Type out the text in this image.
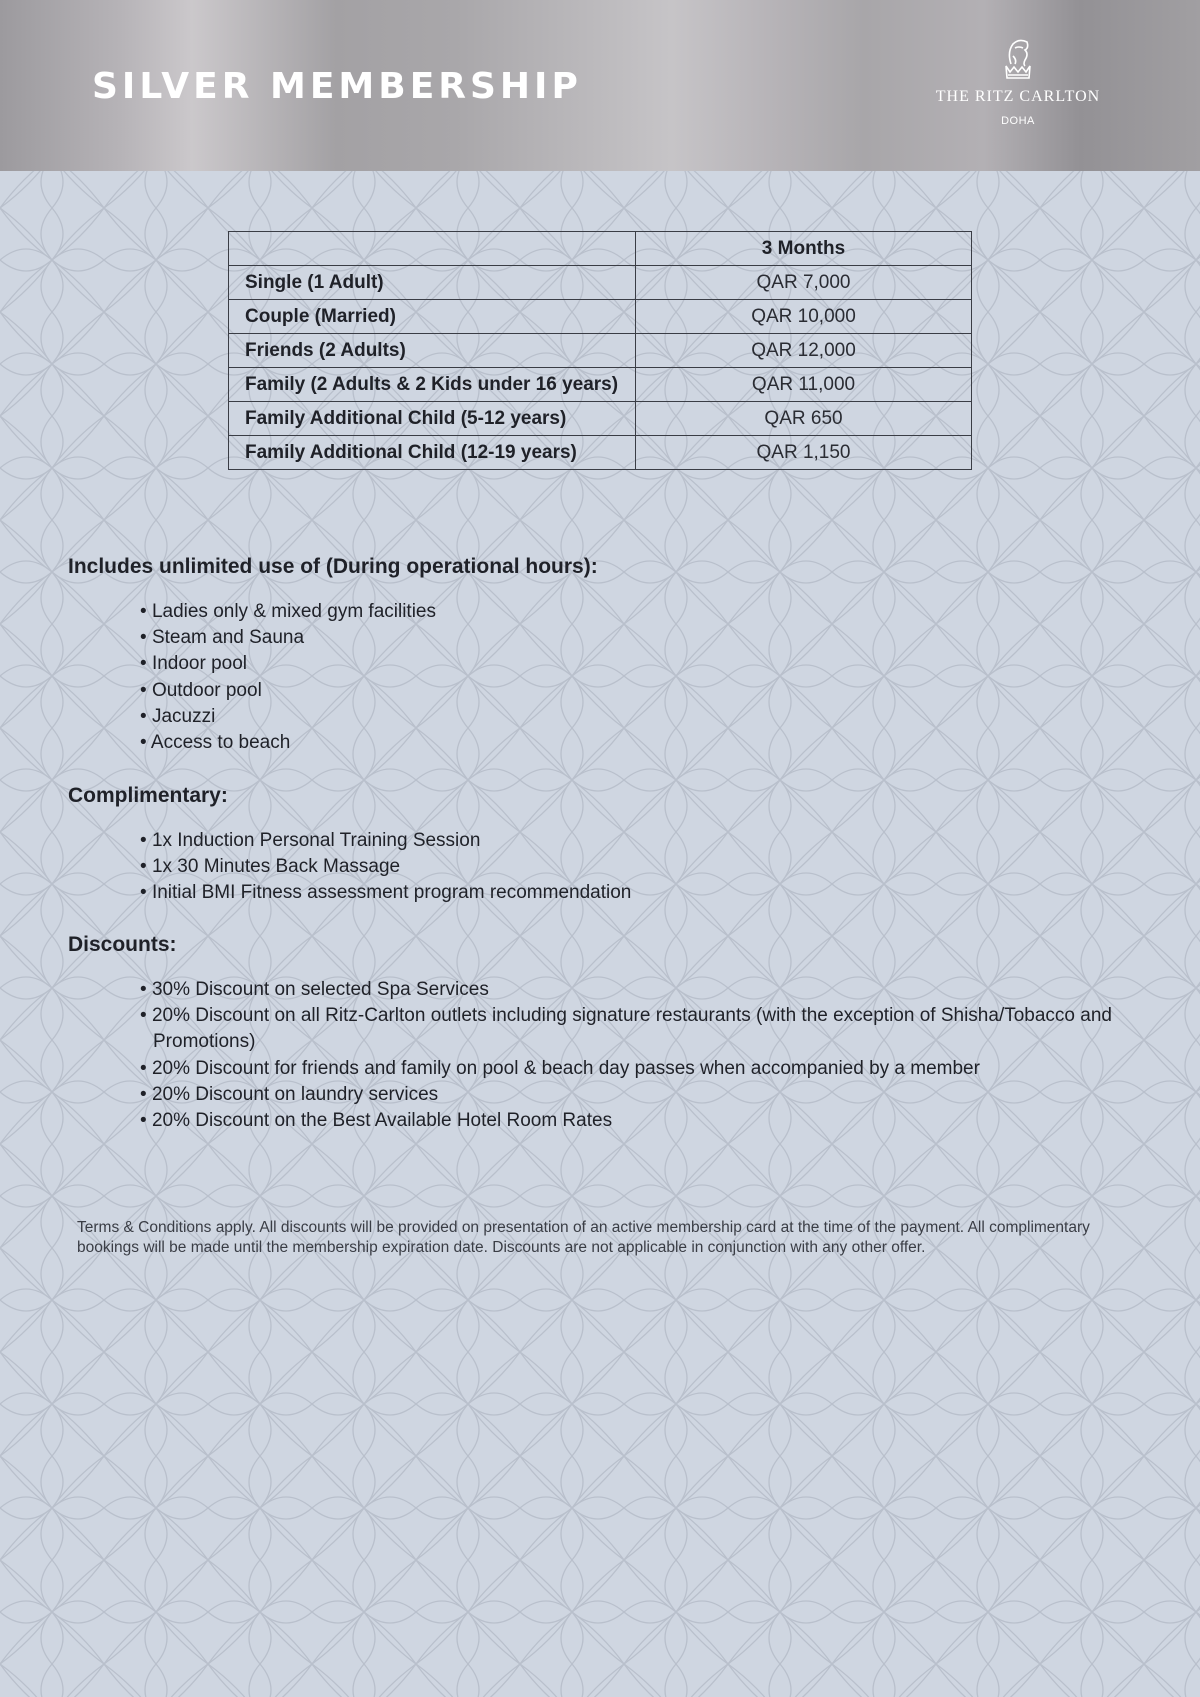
SILVER MEMBERSHIP	THE RITZ CARLTON
DOHA
	3 Months
Single (1 Adult)	QAR 7,000
Couple (Married)	QAR 10,000
Friends (2 Adults)	QAR 12,000
Family (2 Adults & 2 Kids under 16 years)	QAR 11,000
Family Additional Child (5-12 years)	QAR 650
Family Additional Child (12-19 years)	QAR 1,150
Includes unlimited use of (During operational hours):
• Ladies only & mixed gym facilities
• Steam and Sauna
• Indoor pool
• Outdoor pool
• Jacuzzi
• Access to beach
Complimentary:
• 1x Induction Personal Training Session
• 1x 30 Minutes Back Massage
• Initial BMI Fitness assessment program recommendation
Discounts:
• 30% Discount on selected Spa Services
• 20% Discount on all Ritz-Carlton outlets including signature restaurants (with the exception of Shisha/Tobacco and Promotions)
• 20% Discount for friends and family on pool & beach day passes when accompanied by a member
• 20% Discount on laundry services
• 20% Discount on the Best Available Hotel Room Rates
Terms & Conditions apply. All discounts will be provided on presentation of an active membership card at the time of the payment. All complimentary bookings will be made until the membership expiration date. Discounts are not applicable in conjunction with any other offer.
